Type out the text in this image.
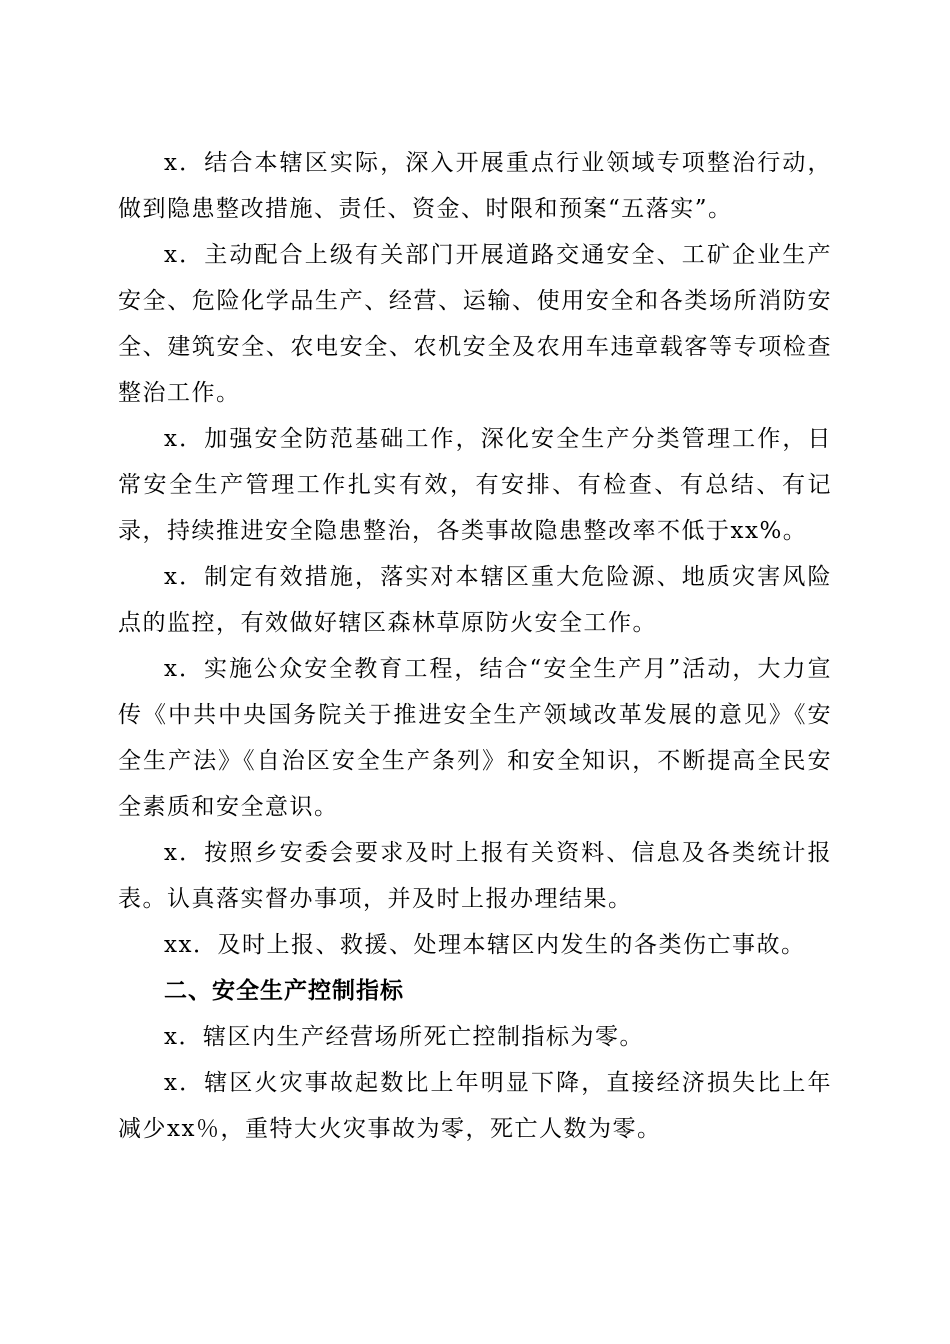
x．结合本辖区实际，深入开展重点行业领域专项整治行动，做到隐患整改措施、责任、资金、时限和预案“五落实”。

x．主动配合上级有关部门开展道路交通安全、工矿企业生产安全、危险化学品生产、经营、运输、使用安全和各类场所消防安全、建筑安全、农电安全、农机安全及农用车违章载客等专项检查整治工作。

x．加强安全防范基础工作，深化安全生产分类管理工作，日常安全生产管理工作扎实有效，有安排、有检查、有总结、有记录，持续推进安全隐患整治，各类事故隐患整改率不低于xx%。

x．制定有效措施，落实对本辖区重大危险源、地质灾害风险点的监控，有效做好辖区森林草原防火安全工作。

x．实施公众安全教育工程，结合“安全生产月”活动，大力宣传《中共中央国务院关于推进安全生产领域改革发展的意见》《安全生产法》《自治区安全生产条列》和安全知识，不断提高全民安全素质和安全意识。

x．按照乡安委会要求及时上报有关资料、信息及各类统计报表。认真落实督办事项，并及时上报办理结果。

xx．及时上报、救援、处理本辖区内发生的各类伤亡事故。

二、安全生产控制指标

x．辖区内生产经营场所死亡控制指标为零。

x．辖区火灾事故起数比上年明显下降，直接经济损失比上年减少xx％，重特大火灾事故为零，死亡人数为零。
